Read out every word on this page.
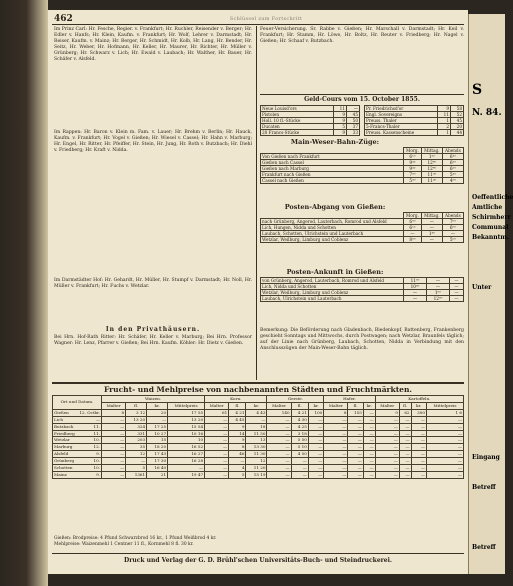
462	Schlüssel zum Fortschritt
Im Prinz Carl: Hr. Fesche, Regier. v. Frankfurt; Hr. Ruchler, Reisender v. Berger; Hr. Edler v. Hanfs; Hr. Klein, Kaufm. v. Frankfurt; Hr. Wolf, Lehrer v. Darmstadt; Hr. Reiser, Kaufm. v. Mainz; Hr. Berger, Hr. Schmidt, Hr. Kolb, Hr. Lang, Hr. Bender, Hr. Seitz, Hr. Weber, Hr. Hofmann, Hr. Keller, Hr. Maurer, Hr. Richter, Hr. Müller v. Grünberg; Hr. Schwarz v. Lich; Hr. Ewald v. Laubach; Hr. Walther, Hr. Bauer, Hr. Schäfer v. Alsfeld.
Im Rappen: Hr. Baron v. Klein m. Fam. v. Lauer; Hr. Brehm v. Berlin; Hr. Hauck, Kaufm. v. Frankfurt; Hr. Vogel v. Gießen; Hr. Wiesel v. Cassel; Hr. Hahn v. Marburg; Hr. Engel, Hr. Ritter, Hr. Pfeiffer, Hr. Stein, Hr. Jung, Hr. Roth v. Butzbach; Hr. Diehl v. Friedberg; Hr. Kraft v. Nidda.
Im Darmstädter Hof: Hr. Gehardt, Hr. Müller, Hr. Stumpf v. Darmstadt; Hr. Noll, Hr. Müller v. Frankfurt; Hr. Fuchs v. Wetzlar.
In den Privathäusern.
Bei Hrn. Hof-Rath Ritter: Hr. Schäfer, Hr. Keller v. Marburg; Bei Hrn. Professor Wagner: Hr. Lenz, Pfarrer v. Gießen; Bei Hrn. Kaufm. Köhler: Hr. Dietz v. Gießen.
Feuer-Versicherung. Sr. Rabbe v. Gießen; Hr. Marschall v. Darmstadt; Hr. Keil v. Frankfurt; Hr. Stamm, Hr. Löwe, Hr. Boltz, Hr. Reuter v. Friedberg; Hr. Nagel v. Gießen; Hr. Schaaf v. Butzbach.
Geld-Cours vom 15. October 1855.
Neue Louisd'ors	11	—
Pistolen	9	45
Holl. 10 fl.-Stücke	9	50
Ducaten	5	37
20 Francs-Stücke	9	33
Pr. Friedrichsd'or	9	58
Engl. Sovereigns	11	52
Preuss. Thaler	1	45
5-Francs-Thaler	2	20
Preuss. Kassenscheine	1	44
Main-Weser-Bahn-Züge:
	Morg.	Mittag.	Abends
Von Gießen nach Frankfurt	6¹⁰	1²⁰	6³⁰
Gießen nach Cassel	9³⁵	12⁴⁰	6⁵⁰
Gießen nach Marburg	9³⁵	12⁴⁰	6⁵⁰
Frankfurt nach Gießen	7⁰⁰	11⁰⁰	5³⁰
Cassel nach Gießen	5³⁰	11⁵⁰	4⁰⁰
Posten-Abgang von Gießen:
	Morg.	Mittag.	Abends
nach Grünberg, Angerod, Lauterbach, Romrod und Alsfeld	6⁰⁰	—	7⁰⁰
Lich, Hungen, Nidda und Schotten	6¹⁵	—	6⁰⁰
Laubach, Schotten, Ulrichstein und Lauterbach	—	1³⁰	—
Wetzlar, Weilburg, Limburg und Coblenz	8⁰⁰	—	5⁰⁰
Posten-Ankunft in Gießen:
von Grünberg, Angerod, Lauterbach, Romrod und Alsfeld	11⁰⁰	—	—
Lich, Nidda und Schotten	10³⁰	—	—
Wetzlar, Weilburg, Limburg und Coblenz	—	1⁰⁰	—
Laubach, Ulrichstein und Lauterbach	—	12⁰⁰	—
Bemerkung: Die Beförderung nach Gladenbach, Biedenkopf, Battenberg, Frankenberg geschieht Sonntags und Mittwochs, durch Postwagen; nach Wetzlar, Braunfels täglich; auf der Linie nach Grünberg, Laubach, Schotten, Nidda in Verbindung mit den Anschlusszügen der Main-Weser-Bahn täglich.
Frucht- und Mehlpreise von nachbenannten Städten und Fruchtmärkten.
Ort und Datum.	Waizen.				Korn.			Gerste.			Hafer.			Kartoffeln.			
	Malter	fl.	kr.	Mittelpreis	Malter	fl.	kr.	Malter	fl.	kr.	Malter	fl.	kr.	Malter	fl.	kr.	Mittelpreis
Gießen 12. Octbr.	8	3 12	20	17 55	61	4 21	4 43	140	4 21	100	8	155	—	9	62	300	1 6
Lich —	—	13 20	—	13 20	—	4 45	—	—	4 30	—	—	—	—	—	—	—	—
Butzbach 11.	—	324	17 25	15 54	—	9	18	—	4 25	—	—	—	—	—	—	—	—
Friedberg 11.	—	331	10 27	10 16	—	14	11 50	—	3 18	—	—	—	—	—	—	—	—
Wetzlar 10.	—	203	15	10	—	9	13	—	5 50	—	—	—	—	—	—	—	—
Marburg 12.	—	35	18 20	16 52	—	8	13 30	—	5 10	—	—	—	—	—	—	—	—
Alsfeld 9.	—	12	17 43	16 27	—	46	11 30	—	4 50	—	—	—	—	—	—	—	—
Grünberg 10.	—	—	17 30	16 28	—	—	12	—	—	—	—	—	—	—	—	—	—
Schotten 10.	—	5	16 40	—	—	4	11 20	—	—	—	—	—	—	—	—	—	—
Mainz 9.	—	1361	21	19 47	—	5	15 19	—	—	—	—	—	—	—	—	—	—
Gießen: Brodpreise: 4 Pfund Schwarzbrod 16 kr., 1 Pfund Weißbrod 4 kr.
Mehlpreise: Waizenmehl 1 Centner 11 fl., Kornmehl 8 fl. 30 kr.
Druck und Verlag der G. D. Brühl'schen Universitäts-Buch- und Steindruckerei.
S
N. 84.
Oeffentliche
Amtliche
Schirmherr
Communal
Bekanntm.
Unter
Eingang
Betreff
Betreff
